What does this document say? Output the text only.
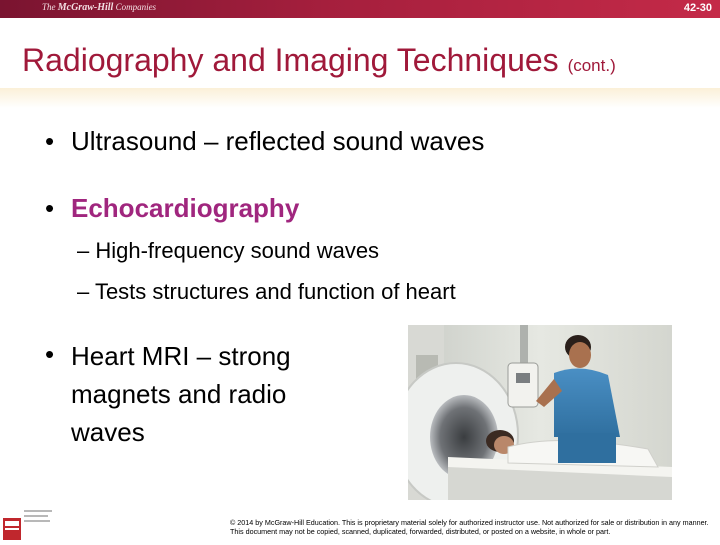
The McGraw-Hill Companies	42-30
Radiography and Imaging Techniques (cont.)
• Ultrasound – reflected sound waves
• Echocardiography
– High-frequency sound waves
– Tests structures and function of heart
• Heart MRI – strong magnets and radio waves
© 2014 by McGraw-Hill Education. This is proprietary material solely for authorized instructor use. Not authorized for sale or distribution in any manner. This document may not be copied, scanned, duplicated, forwarded, distributed, or posted on a website, in whole or part.
